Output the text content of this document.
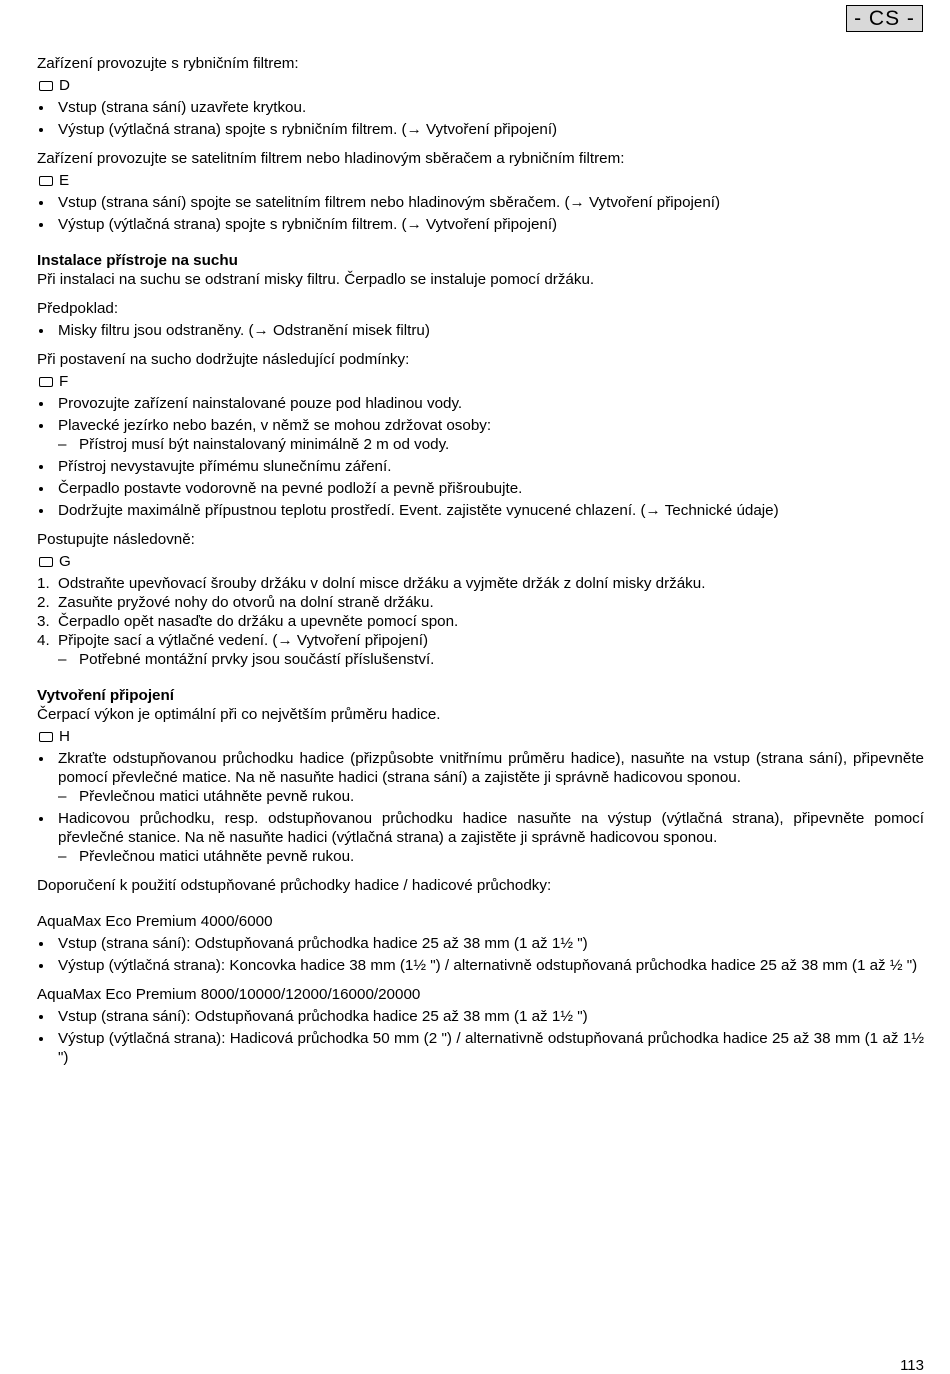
- CS -

Zařízení provozujte s rybničním filtrem:

D

Vstup (strana sání) uzavřete krytkou.
Výstup (výtlačná strana) spojte s rybničním filtrem. (→ Vytvoření připojení)

Zařízení provozujte se satelitním filtrem nebo hladinovým sběračem a rybničním filtrem:

E

Vstup (strana sání) spojte se satelitním filtrem nebo hladinovým sběračem. (→ Vytvoření připojení)
Výstup (výtlačná strana) spojte s rybničním filtrem. (→ Vytvoření připojení)

Instalace přístroje na suchu

Při instalaci na suchu se odstraní misky filtru. Čerpadlo se instaluje pomocí držáku.

Předpoklad:

Misky filtru jsou odstraněny. (→ Odstranění misek filtru)

Při postavení na sucho dodržujte následující podmínky:

F

Provozujte zařízení nainstalované pouze pod hladinou vody.
Plavecké jezírko nebo bazén, v němž se mohou zdržovat osoby:
– Přístroj musí být nainstalovaný minimálně 2 m od vody.
Přístroj nevystavujte přímému slunečnímu záření.
Čerpadlo postavte vodorovně na pevné podloží a pevně přišroubujte.
Dodržujte maximálně přípustnou teplotu prostředí. Event. zajistěte vynucené chlazení. (→ Technické údaje)

Postupujte následovně:

G

1. Odstraňte upevňovací šrouby držáku v dolní misce držáku a vyjměte držák z dolní misky držáku.
2. Zasuňte pryžové nohy do otvorů na dolní straně držáku.
3. Čerpadlo opět nasaďte do držáku a upevněte pomocí spon.
4. Připojte sací a výtlačné vedení. (→ Vytvoření připojení)
– Potřebné montážní prvky jsou součástí příslušenství.

Vytvoření připojení

Čerpací výkon je optimální při co největším průměru hadice.

H

Zkraťte odstupňovanou průchodku hadice (přizpůsobte vnitřnímu průměru hadice), nasuňte na vstup (strana sání), připevněte pomocí převlečné matice. Na ně nasuňte hadici (strana sání) a zajistěte ji správně hadicovou sponou.
– Převlečnou matici utáhněte pevně rukou.
Hadicovou průchodku, resp. odstupňovanou průchodku hadice nasuňte na výstup (výtlačná strana), připevněte pomocí převlečné stanice. Na ně nasuňte hadici (výtlačná strana) a zajistěte ji správně hadicovou sponou.
– Převlečnou matici utáhněte pevně rukou.

Doporučení k použití odstupňované průchodky hadice / hadicové průchodky:

AquaMax Eco Premium 4000/6000

Vstup (strana sání): Odstupňovaná průchodka hadice 25 až 38 mm (1 až 1½ ")
Výstup (výtlačná strana): Koncovka hadice 38 mm (1½ ") / alternativně odstupňovaná průchodka hadice 25 až 38 mm (1 až ½ ")

AquaMax Eco Premium 8000/10000/12000/16000/20000

Vstup (strana sání): Odstupňovaná průchodka hadice 25 až 38 mm (1 až 1½ ")
Výstup (výtlačná strana): Hadicová průchodka 50 mm (2 ") / alternativně odstupňovaná průchodka hadice 25 až 38 mm (1 až 1½ ")
113
